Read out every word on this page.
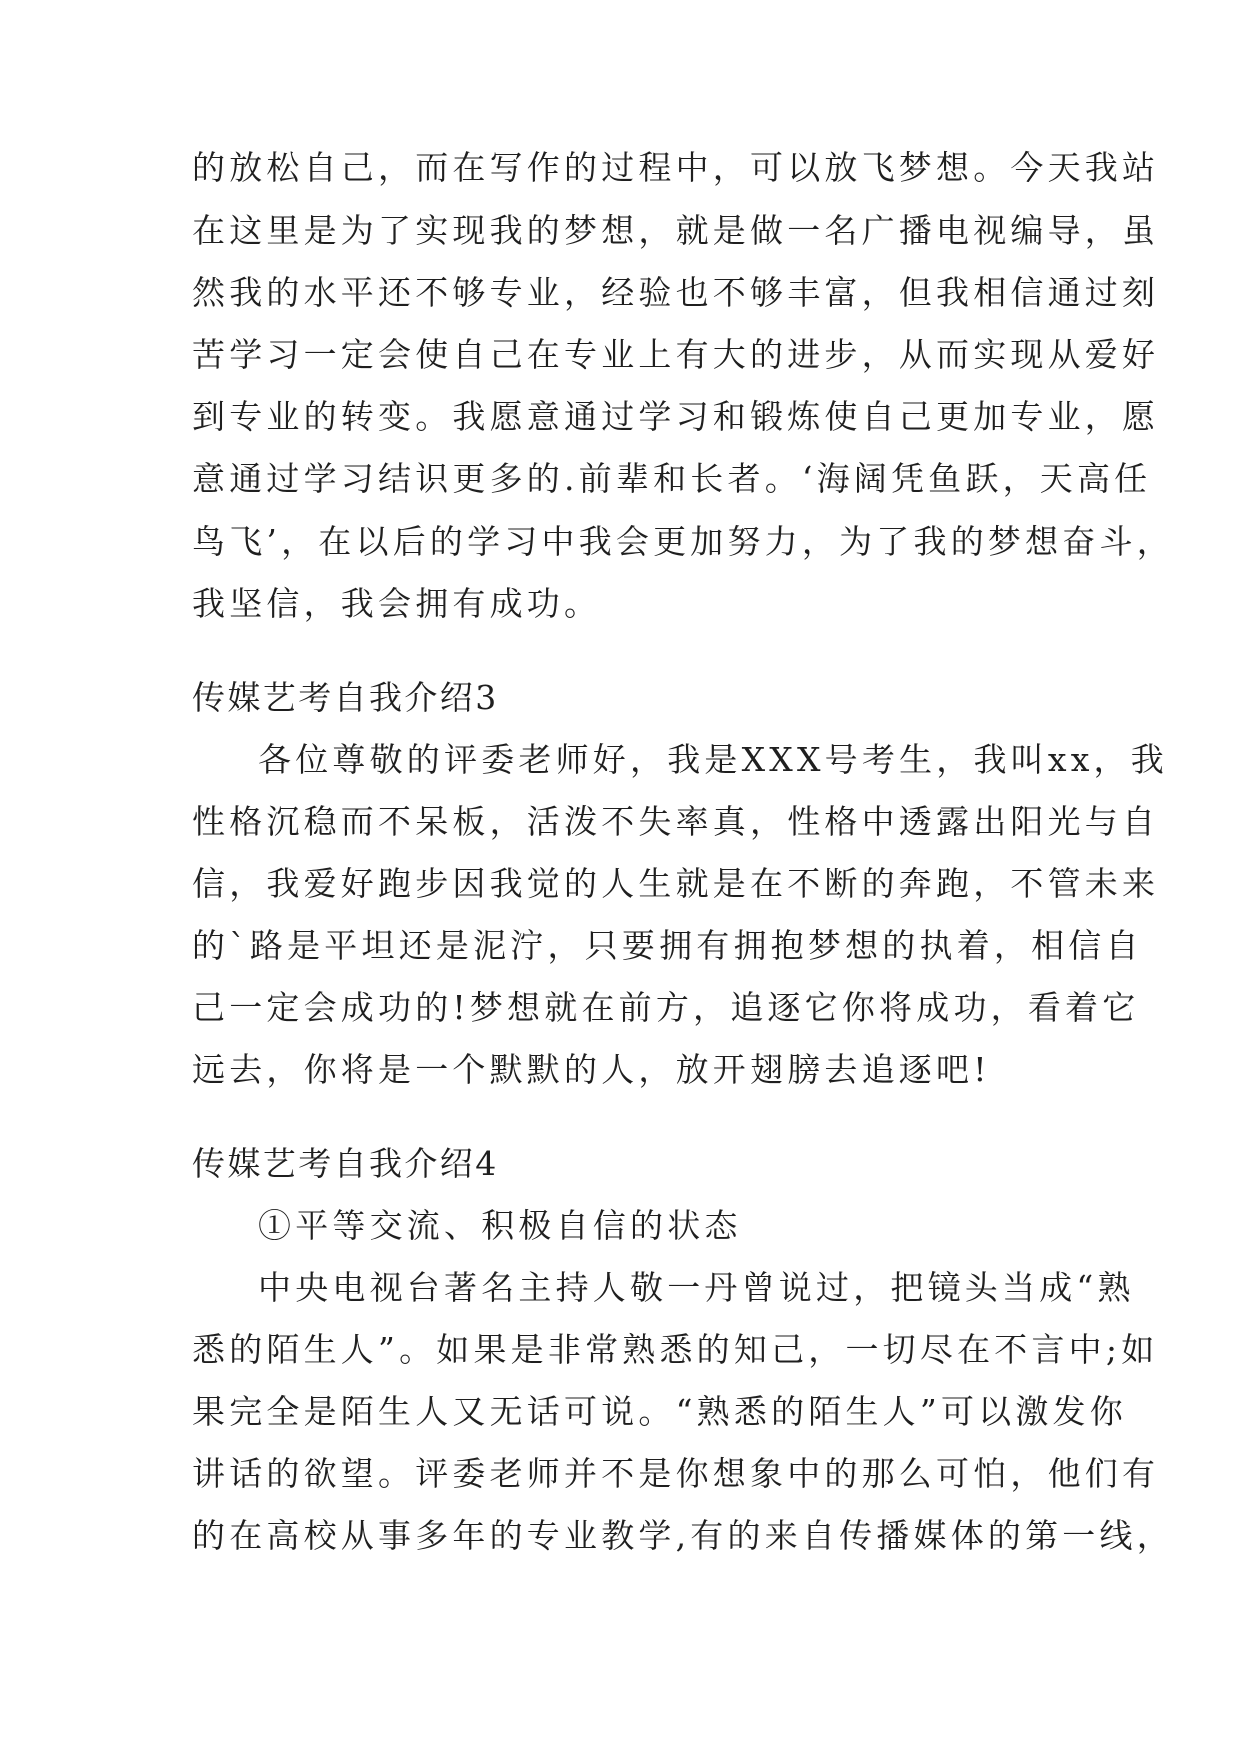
的放松自己，而在写作的过程中，可以放飞梦想。今天我站
在这里是为了实现我的梦想，就是做一名广播电视编导，虽
然我的水平还不够专业，经验也不够丰富，但我相信通过刻
苦学习一定会使自己在专业上有大的进步，从而实现从爱好
到专业的转变。我愿意通过学习和锻炼使自己更加专业，愿
意通过学习结识更多的.前辈和长者。‘海阔凭鱼跃，天高任
鸟飞’，在以后的学习中我会更加努力，为了我的梦想奋斗，
我坚信，我会拥有成功。
传媒艺考自我介绍3
各位尊敬的评委老师好，我是XXX号考生，我叫xx，我
性格沉稳而不呆板，活泼不失率真，性格中透露出阳光与自
信，我爱好跑步因我觉的人生就是在不断的奔跑，不管未来
的`路是平坦还是泥泞，只要拥有拥抱梦想的执着，相信自
己一定会成功的!梦想就在前方，追逐它你将成功，看着它
远去，你将是一个默默的人，放开翅膀去追逐吧!
传媒艺考自我介绍4
①平等交流、积极自信的状态
中央电视台著名主持人敬一丹曾说过，把镜头当成“熟
悉的陌生人”。如果是非常熟悉的知己，一切尽在不言中;如
果完全是陌生人又无话可说。“熟悉的陌生人”可以激发你
讲话的欲望。评委老师并不是你想象中的那么可怕，他们有
的在高校从事多年的专业教学,有的来自传播媒体的第一线，
